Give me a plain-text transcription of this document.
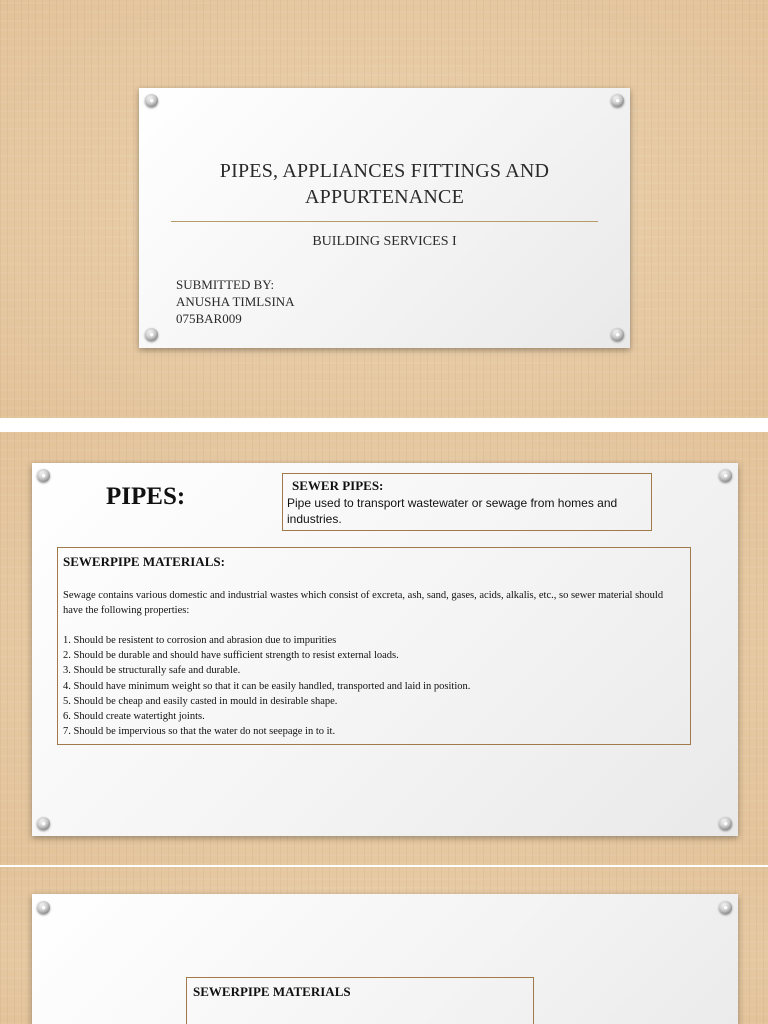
PIPES, APPLIANCES FITTINGS AND APPURTENANCE
BUILDING SERVICES I
SUBMITTED BY:
ANUSHA TIMLSINA
075BAR009
PIPES:	SEWER PIPES:
Pipe used to transport wastewater or sewage from homes and industries.
SEWERPIPE MATERIALS:
Sewage contains various domestic and industrial wastes which consist of excreta, ash, sand, gases, acids, alkalis, etc., so sewer material should have the following properties:
1. Should be resistent to corrosion and abrasion due to impurities
2. Should be durable and should have sufficient strength to resist external loads.
3. Should be structurally safe and durable.
4. Should have minimum weight so that it can be easily handled, transported and laid in position.
5. Should be cheap and easily casted in mould in desirable shape.
6. Should create watertight joints.
7. Should be impervious so that the water do not seepage in to it.
SEWERPIPE MATERIALS
